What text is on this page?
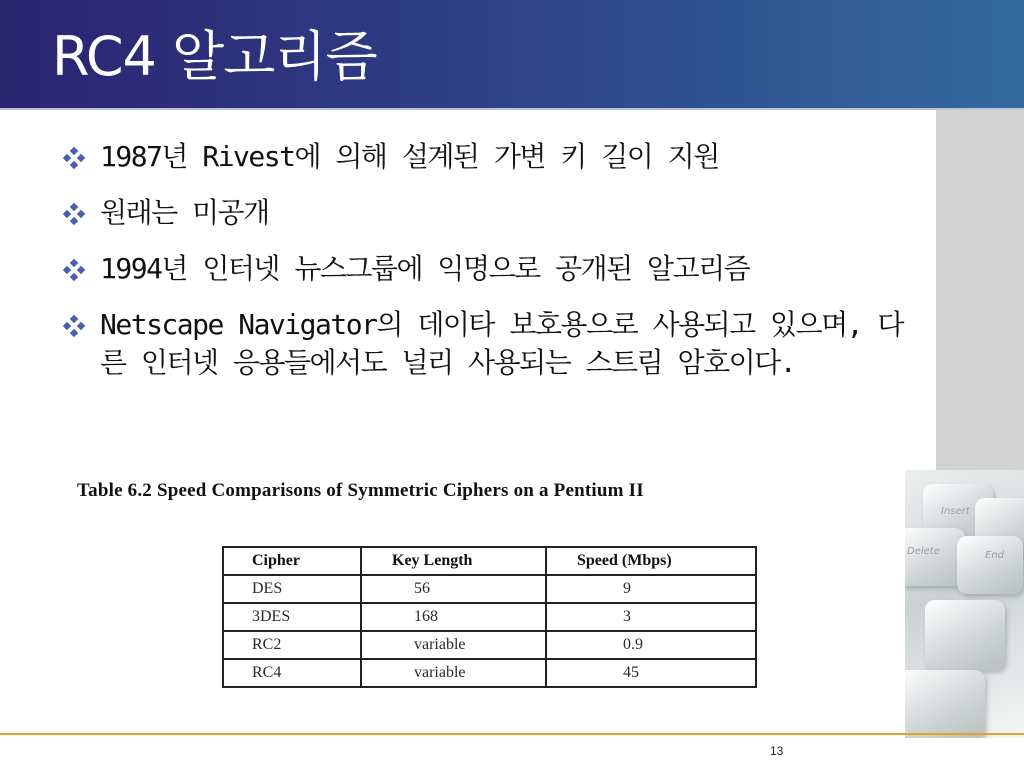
RC4 알고리즘
Insert
Delete	End
1987년 Rivest에 의해 설계된 가변 키 길이 지원
원래는 미공개
1994년 인터넷 뉴스그룹에 익명으로 공개된 알고리즘
Netscape Navigator의 데이타 보호용으로 사용되고 있으며, 다른 인터넷 응용들에서도 널리 사용되는 스트림 암호이다.
Table 6.2 Speed Comparisons of Symmetric Ciphers on a Pentium II
Cipher	Key Length	Speed (Mbps)
DES	56	9
3DES	168	3
RC2	variable	0.9
RC4	variable	45
13
